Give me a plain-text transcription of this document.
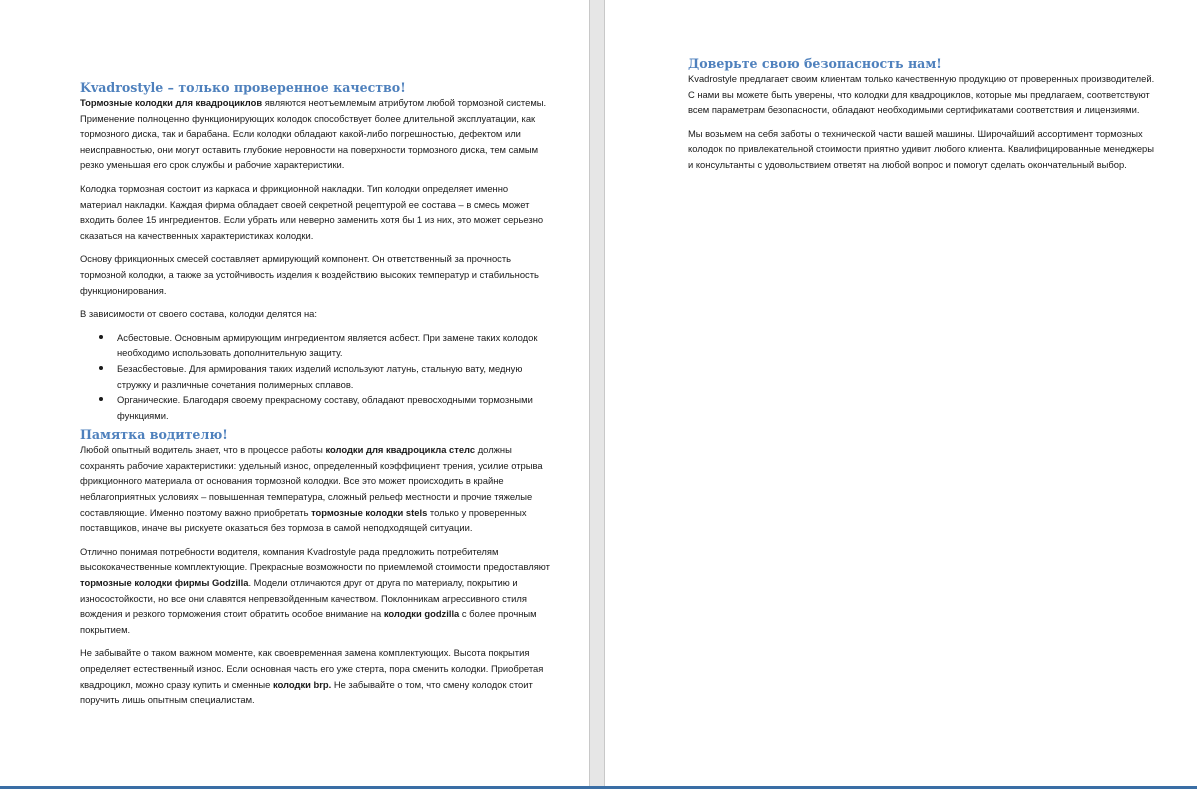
Kvadrostyle – только проверенное качество!

Тормозные колодки для квадроциклов являются неотъемлемым атрибутом любой тормозной системы. Применение полноценно функционирующих колодок способствует более длительной эксплуатации, как тормозного диска, так и барабана. Если колодки обладают какой-либо погрешностью, дефектом или неисправностью, они могут оставить глубокие неровности на поверхности тормозного диска, тем самым резко уменьшая его срок службы и рабочие характеристики.

Колодка тормозная состоит из каркаса и фрикционной накладки. Тип колодки определяет именно материал накладки. Каждая фирма обладает своей секретной рецептурой ее состава – в смесь может входить более 15 ингредиентов. Если убрать или неверно заменить хотя бы 1 из них, это может серьезно сказаться на качественных характеристиках колодки.

Основу фрикционных смесей составляет армирующий компонент. Он ответственный за прочность тормозной колодки, а также за устойчивость изделия к воздействию высоких температур и стабильность функционирования.

В зависимости от своего состава, колодки делятся на:

Асбестовые. Основным армирующим ингредиентом является асбест. При замене таких колодок необходимо использовать дополнительную защиту.
Безасбестовые. Для армирования таких изделий используют латунь, стальную вату, медную стружку и различные сочетания полимерных сплавов.
Органические. Благодаря своему прекрасному составу, обладают превосходными тормозными функциями.
Памятка водителю!

Любой опытный водитель знает, что в процессе работы колодки для квадроцикла стелс должны сохранять рабочие характеристики: удельный износ, определенный коэффициент трения, усилие отрыва фрикционного материала от основания тормозной колодки. Все это может происходить в крайне неблагоприятных условиях – повышенная температура, сложный рельеф местности и прочие тяжелые составляющие. Именно поэтому важно приобретать тормозные колодки stels только у проверенных поставщиков, иначе вы рискуете оказаться без тормоза в самой неподходящей ситуации.

Отлично понимая потребности водителя, компания Kvadrostyle рада предложить потребителям высококачественные комплектующие. Прекрасные возможности по приемлемой стоимости предоставляют тормозные колодки фирмы Godzilla. Модели отличаются друг от друга по материалу, покрытию и износостойкости, но все они славятся непревзойденным качеством. Поклонникам агрессивного стиля вождения и резкого торможения стоит обратить особое внимание на колодки godzilla с более прочным покрытием.

Не забывайте о таком важном моменте, как своевременная замена комплектующих. Высота покрытия определяет естественный износ. Если основная часть его уже стерта, пора сменить колодки. Приобретая квадроцикл, можно сразу купить и сменные колодки brp. Не забывайте о том, что смену колодок стоит поручить лишь опытным специалистам.

Доверьте свою безопасность нам!

Kvadrostyle предлагает своим клиентам только качественную продукцию от проверенных производителей. С нами вы можете быть уверены, что колодки для квадроциклов, которые мы предлагаем, соответствуют всем параметрам безопасности, обладают необходимыми сертификатами соответствия и лицензиями.

Мы возьмем на себя заботы о технической части вашей машины. Широчайший ассортимент тормозных колодок по привлекательной стоимости приятно удивит любого клиента. Квалифицированные менеджеры и консультанты с удовольствием ответят на любой вопрос и помогут сделать окончательный выбор.
